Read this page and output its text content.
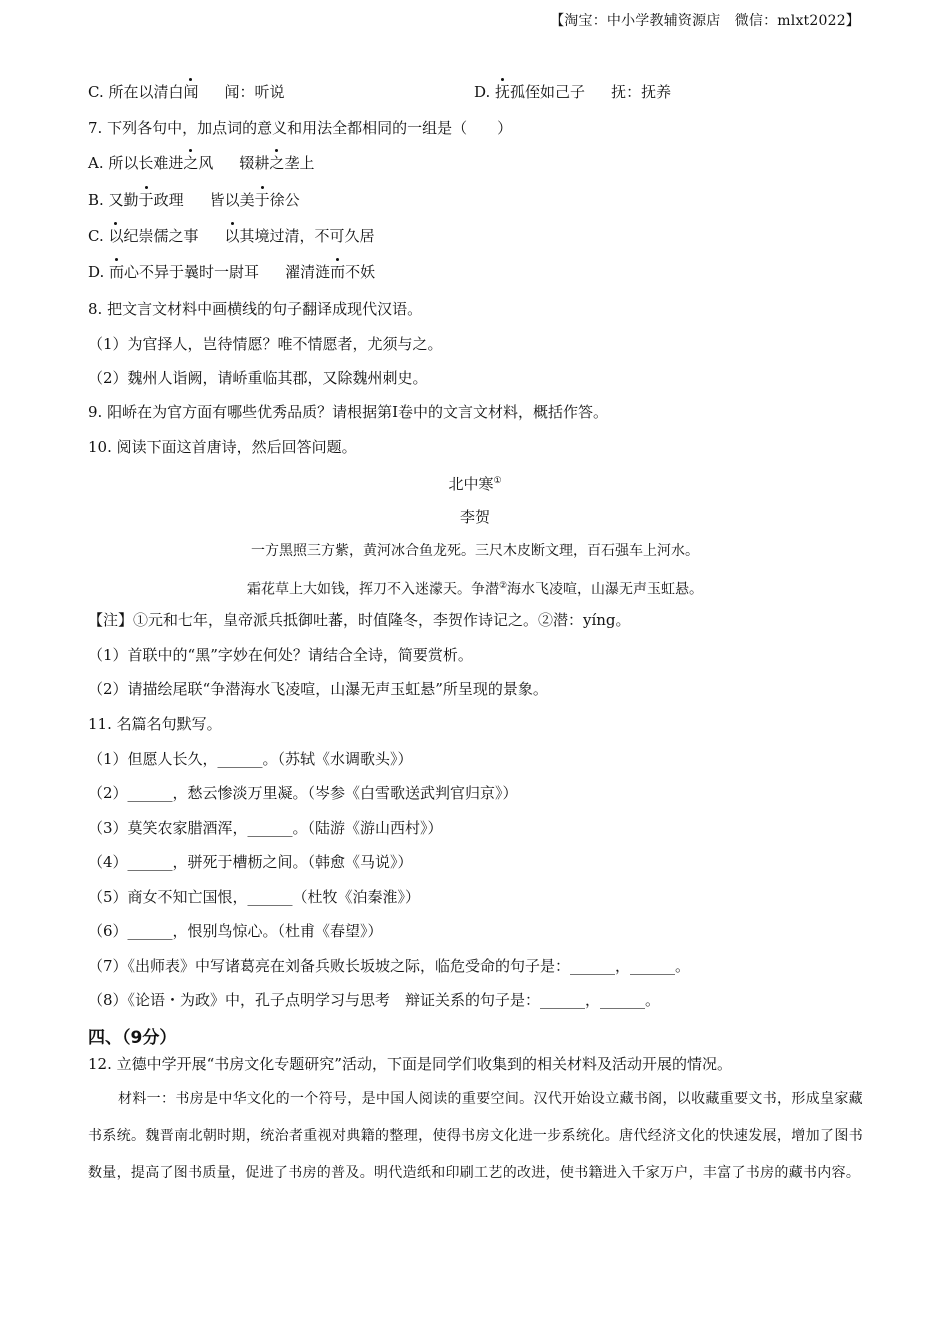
【淘宝：中小学教辅资源店　微信：mlxt2022】
C. 所在以清白闻 闻：听说	D. 抚孤侄如己子 抚：抚养
7. 下列各句中，加点词的意义和用法全都相同的一组是（　　）
A. 所以长难进之风 辍耕之垄上
B. 又勤于政理 皆以美于徐公
C. 以纪崇儒之事 以其境过清，不可久居
D. 而心不异于曩时一尉耳 濯清涟而不妖
8. 把文言文材料中画横线的句子翻译成现代汉语。
（1）为官择人，岂待情愿？唯不情愿者，尤须与之。
（2）魏州人诣阙，请峤重临其郡，又除魏州刺史。
9. 阳峤在为官方面有哪些优秀品质？请根据第Ⅰ卷中的文言文材料，概括作答。
10. 阅读下面这首唐诗，然后回答问题。
北中寒①
李贺
一方黑照三方紫，黄河冰合鱼龙死。三尺木皮断文理，百石强车上河水。
霜花草上大如钱，挥刀不入迷濛天。争潜②海水飞凌喧，山瀑无声玉虹悬。
【注】①元和七年，皇帝派兵抵御吐蕃，时值隆冬，李贺作诗记之。②潜：yíng。
（1）首联中的“黑”字妙在何处？请结合全诗，简要赏析。
（2）请描绘尾联“争潜海水飞凌喧，山瀑无声玉虹悬”所呈现的景象。
11. 名篇名句默写。
（1）但愿人长久，______。（苏轼《水调歌头》）
（2）______，愁云惨淡万里凝。（岑参《白雪歌送武判官归京》）
（3）莫笑农家腊酒浑，______。（陆游《游山西村》）
（4）______，骈死于槽枥之间。（韩愈《马说》）
（5）商女不知亡国恨，______（杜牧《泊秦淮》）
（6）______，恨别鸟惊心。（杜甫《春望》）
（7）《出师表》中写诸葛亮在刘备兵败长坂坡之际，临危受命的句子是：______，______。
（8）《论语・为政》中，孔子点明学习与思考　辩证关系的句子是：______，______。
四、（9分）
12. 立德中学开展“书房文化专题研究”活动，下面是同学们收集到的相关材料及活动开展的情况。
材料一：书房是中华文化的一个符号，是中国人阅读的重要空间。汉代开始设立藏书阁，以收藏重要文书，形成皇家藏书系统。魏晋南北朝时期，统治者重视对典籍的整理，使得书房文化进一步系统化。唐代经济文化的快速发展，增加了图书数量，提高了图书质量，促进了书房的普及。明代造纸和印刷工艺的改进，使书籍进入千家万户，丰富了书房的藏书内容。
